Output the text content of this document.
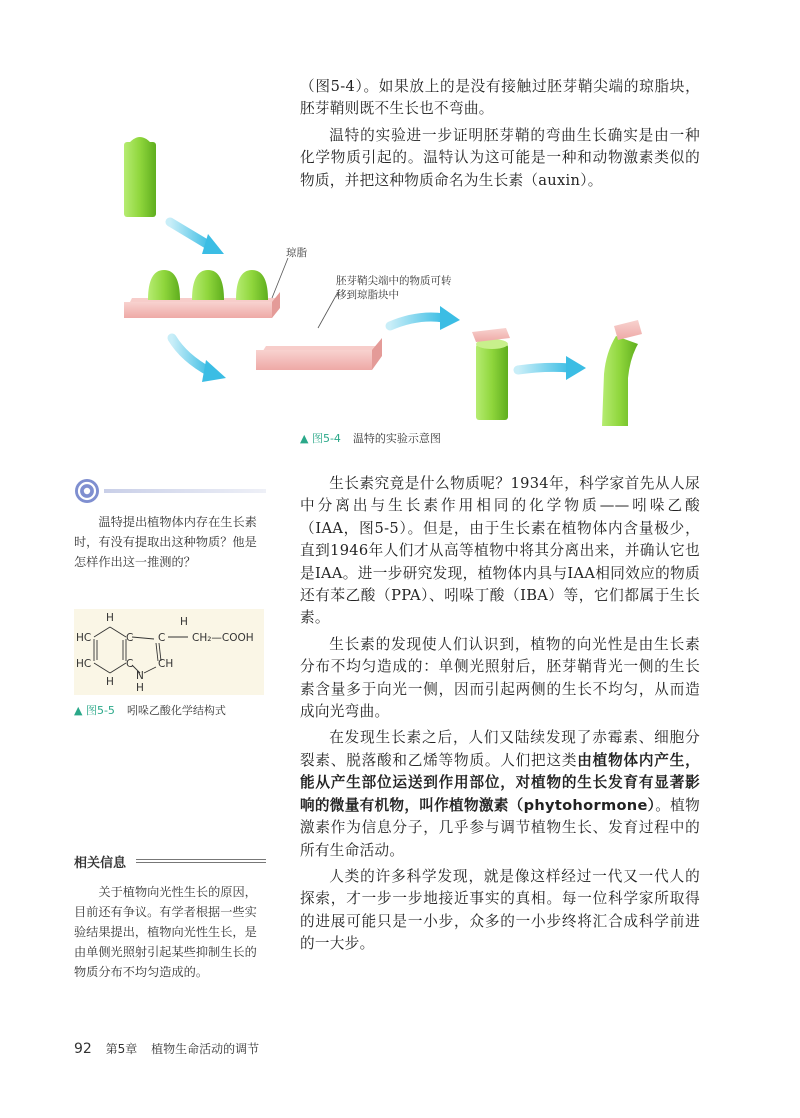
（图5-4）。如果放上的是没有接触过胚芽鞘尖端的琼脂块，胚芽鞘则既不生长也不弯曲。

温特的实验进一步证明胚芽鞘的弯曲生长确实是由一种化学物质引起的。温特认为这可能是一种和动物激素类似的物质，并把这种物质命名为生长素（auxin）。

琼脂
胚芽鞘尖端中的物质可转移到琼脂块中
▲ 图5-4 温特的实验示意图

温特提出植物体内存在生长素时，有没有提取出这种物质？他是怎样作出这一推测的？

H	H
HC	C C	CH₂—COOH
HC	C CH
H N
H
▲ 图5-5 吲哚乙酸化学结构式
相关信息

关于植物向光性生长的原因，目前还有争议。有学者根据一些实验结果提出，植物向光性生长，是由单侧光照射引起某些抑制生长的物质分布不均匀造成的。

生长素究竟是什么物质呢？1934年，科学家首先从人尿中分离出与生长素作用相同的化学物质——吲哚乙酸（IAA，图5-5）。但是，由于生长素在植物体内含量极少，直到1946年人们才从高等植物中将其分离出来，并确认它也是IAA。进一步研究发现，植物体内具与IAA相同效应的物质还有苯乙酸（PPA）、吲哚丁酸（IBA）等，它们都属于生长素。

生长素的发现使人们认识到，植物的向光性是由生长素分布不均匀造成的：单侧光照射后，胚芽鞘背光一侧的生长素含量多于向光一侧，因而引起两侧的生长不均匀，从而造成向光弯曲。

在发现生长素之后，人们又陆续发现了赤霉素、细胞分裂素、脱落酸和乙烯等物质。人们把这类由植物体内产生，能从产生部位运送到作用部位，对植物的生长发育有显著影响的微量有机物，叫作植物激素（phytohormone）。植物激素作为信息分子，几乎参与调节植物生长、发育过程中的所有生命活动。

人类的许多科学发现，就是像这样经过一代又一代人的探索，才一步一步地接近事实的真相。每一位科学家所取得的进展可能只是一小步，众多的一小步终将汇合成科学前进的一大步。

92 第5章 植物生命活动的调节
